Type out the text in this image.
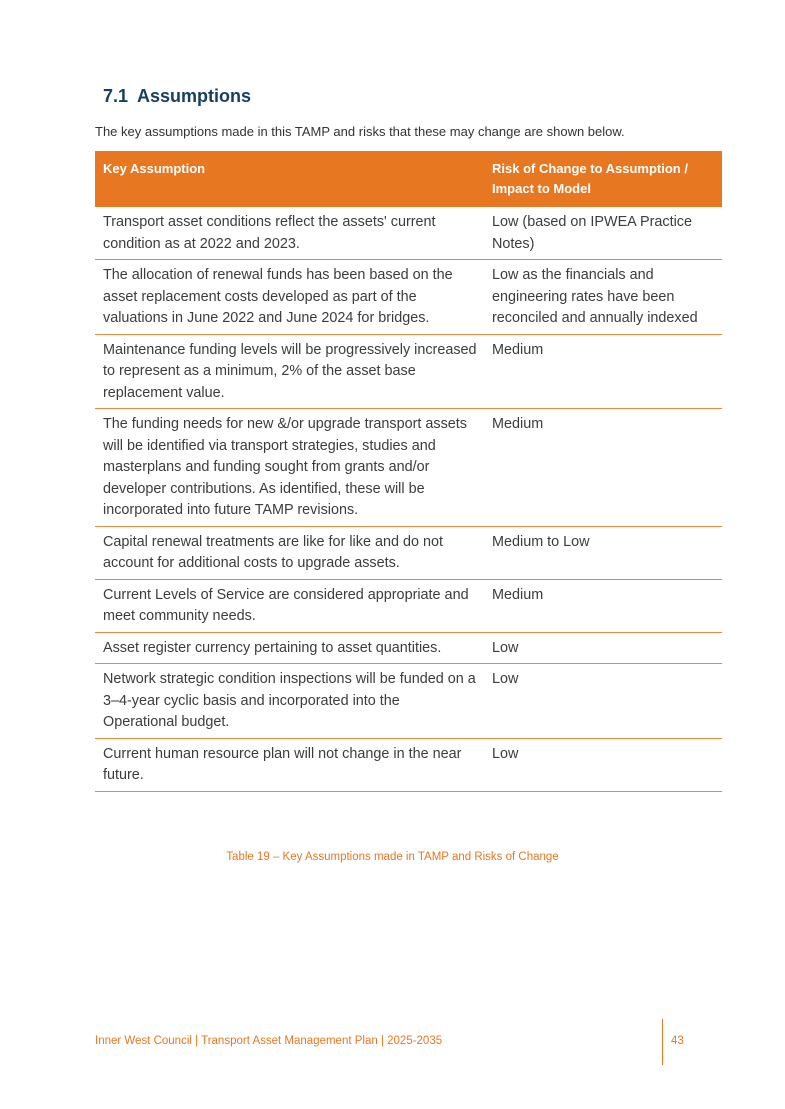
7.1 Assumptions

The key assumptions made in this TAMP and risks that these may change are shown below.

Key Assumption	Risk of Change to Assumption /
Impact to Model
Transport asset conditions reflect the assets' current condition as at 2022 and 2023.	Low (based on IPWEA Practice Notes)
The allocation of renewal funds has been based on the asset replacement costs developed as part of the valuations in June 2022 and June 2024 for bridges.	Low as the financials and engineering rates have been reconciled and annually indexed
Maintenance funding levels will be progressively increased to represent as a minimum, 2% of the asset base replacement value.	Medium
The funding needs for new &/or upgrade transport assets will be identified via transport strategies, studies and masterplans and funding sought from grants and/or developer contributions. As identified, these will be incorporated into future TAMP revisions.	Medium
Capital renewal treatments are like for like and do not account for additional costs to upgrade assets.	Medium to Low
Current Levels of Service are considered appropriate and meet community needs.	Medium
Asset register currency pertaining to asset quantities.	Low
Network strategic condition inspections will be funded on a 3–4-year cyclic basis and incorporated into the Operational budget.	Low
Current human resource plan will not change in the near future.	Low

Table 19 – Key Assumptions made in TAMP and Risks of Change

Inner West Council | Transport Asset Management Plan | 2025-2035	43
